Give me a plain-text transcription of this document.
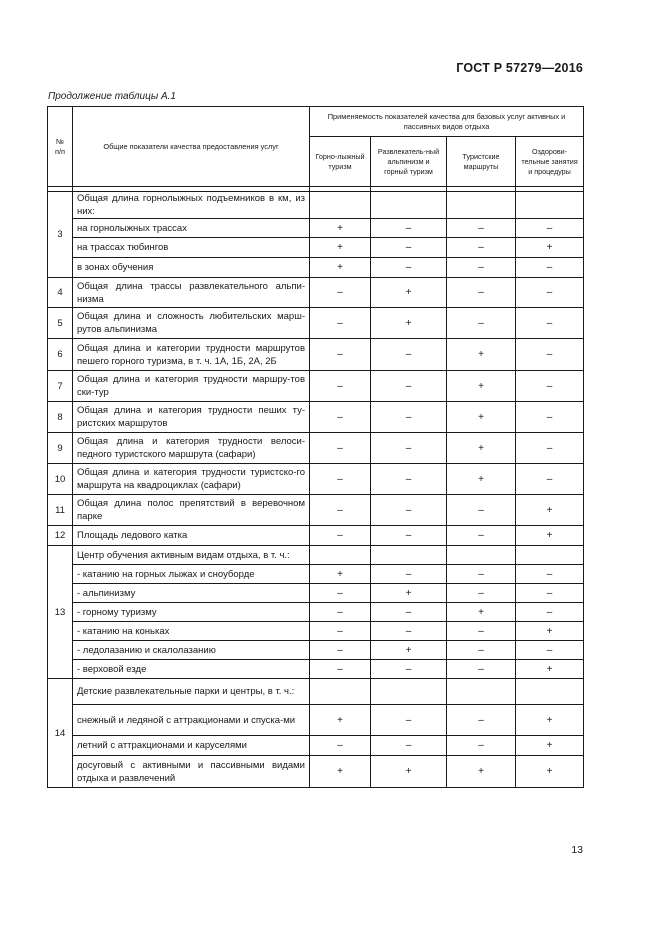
ГОСТ Р 57279—2016
Продолжение таблицы А.1
№ п/п	Общие показатели качества предоставления услуг	Применяемость показателей качества для базовых услуг активных и пассивных видов отдыха			
		Горно-лыжный туризм	Развлекатель-ный альпинизм и горный туризм	Туристские маршруты	Оздорови-тельные занятия и процедуры

3	Общая длина горнолыжных подъемников в км, из них:				
	на горнолыжных трассах	+	–	–	–
	на трассах тюбингов	+	–	–	+
	в зонах обучения	+	–	–	–
4	Общая длина трассы развлекательного альпи-низма	–	+	–	–
5	Общая длина и сложность любительских марш-рутов альпинизма	–	+	–	–
6	Общая длина и категории трудности маршрутов пешего горного туризма, в т. ч. 1А, 1Б, 2А, 2Б	–	–	+	–
7	Общая длина и категория трудности маршру-тов ски-тур	–	–	+	–
8	Общая длина и категория трудности пеших ту-ристских маршрутов	–	–	+	–
9	Общая длина и категория трудности велоси-педного туристского маршрута (сафари)	–	–	+	–
10	Общая длина и категория трудности туристско-го маршрута на квадроциклах (сафари)	–	–	+	–
11	Общая длина полос препятствий в веревочном парке	–	–	–	+
12	Площадь ледового катка	–	–	–	+
13	Центр обучения активным видам отдыха, в т. ч.:				
	- катанию на горных лыжах и сноуборде	+	–	–	–
	- альпинизму	–	+	–	–
	- горному туризму	–	–	+	–
	- катанию на коньках	–	–	–	+
	- ледолазанию и скалолазанию	–	+	–	–
	- верховой езде	–	–	–	+
14	Детские развлекательные парки и центры, в т. ч.:				
	снежный и ледяной с аттракционами и спуска-ми	+	–	–	+
	летний с аттракционами и каруселями	–	–	–	+
	досуговый с активными и пассивными видами отдыха и развлечений	+	+	+	+
13
